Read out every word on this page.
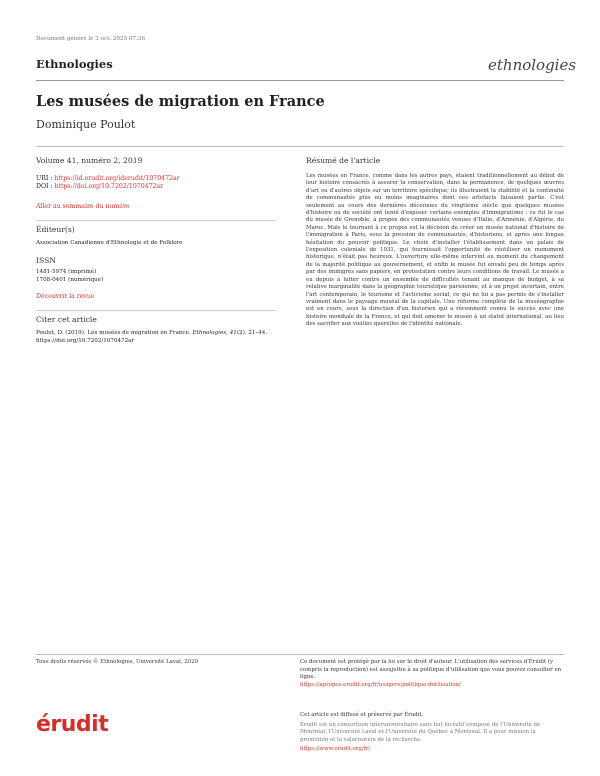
Document généré le 3 oct. 2025 07:36
Ethnologies	ethnologies
Les musées de migration en France
Dominique Poulot
Volume 41, numéro 2, 2019
URI : https://id.erudit.org/iderudit/1070472ar
DOI : https://doi.org/10.7202/1070472ar
Aller au sommaire du numéro
Éditeur(s)
Association Canadienne d'Ethnologie et de Folklore
ISSN
1481-5974 (imprimé)
1708-0401 (numérique)
Découvrir la revue
Citer cet article
Poulot, D. (2019). Les musées de migration en France. Ethnologies, 41(2), 21–44. https://doi.org/10.7202/1070472ar
Résumé de l'article
Les musées en France, comme dans les autres pays, étaient traditionnellement au début de leur histoire consacrés à assurer la conservation, dans la permanence, de quelques œuvres d'art ou d'autres objets sur un territoire spécifique; ils illustraient la stabilité et la continuité de communautés plus ou moins imaginaires dont ces artefacts faisaient partie. C'est seulement au cours des dernières décennies du vingtième siècle que quelques musées d'histoire ou de société ont tenté d'exposer certains exemples d'immigrations : ce fut le cas du musée de Grenoble, à propos des communautés venues d'Italie, d'Arménie, d'Algérie, du Maroc. Mais le tournant à ce propos est la décision de créer un musée national d'histoire de l'immigration à Paris, sous la pression de communautés, d'historiens, et après une longue hésitation du pouvoir politique. Le choix d'installer l'établissement dans un palais de l'exposition coloniale de 1931, qui fournissait l'opportunité de réutiliser un monument historique, n'était pas heureux. L'ouverture elle-même intervint au moment du changement de la majorité politique au gouvernement, et enfin le musée fut envahi peu de temps après par des immigrés sans papiers, en protestation contre leurs conditions de travail. Le musée a eu depuis à lutter contre un ensemble de difficultés tenant au manque de budget, à sa relative marginalité dans la géographie touristique parisienne, et à un projet incertain, entre l'art contemporain, le tourisme et l'activisme social, ce qui ne lui a pas permis de s'installer vraiment dans le paysage muséal de la capitale. Une réforme complète de la muséographie est en cours, sous la direction d'un historien qui a récemment connu le succès avec une histoire mondiale de la France, et qui doit amener le musée à un statut international, au lieu des sacrifier aux vieilles querelles de l'identité nationale.
Tous droits réservés © Ethnologies, Université Laval, 2020	Ce document est protégé par la loi sur le droit d'auteur. L'utilisation des services d'Érudit (y compris la reproduction) est assujettie à sa politique d'utilisation que vous pouvez consulter en ligne.
https://apropos.erudit.org/fr/usagers/politique-dutilisation/
érudit	Cet article est diffusé et préservé par Érudit.
Érudit est un consortium interuniversitaire sans but lucratif composé de l'Université de Montréal, l'Université Laval et l'Université du Québec à Montréal. Il a pour mission la promotion et la valorisation de la recherche.
https://www.erudit.org/fr/
